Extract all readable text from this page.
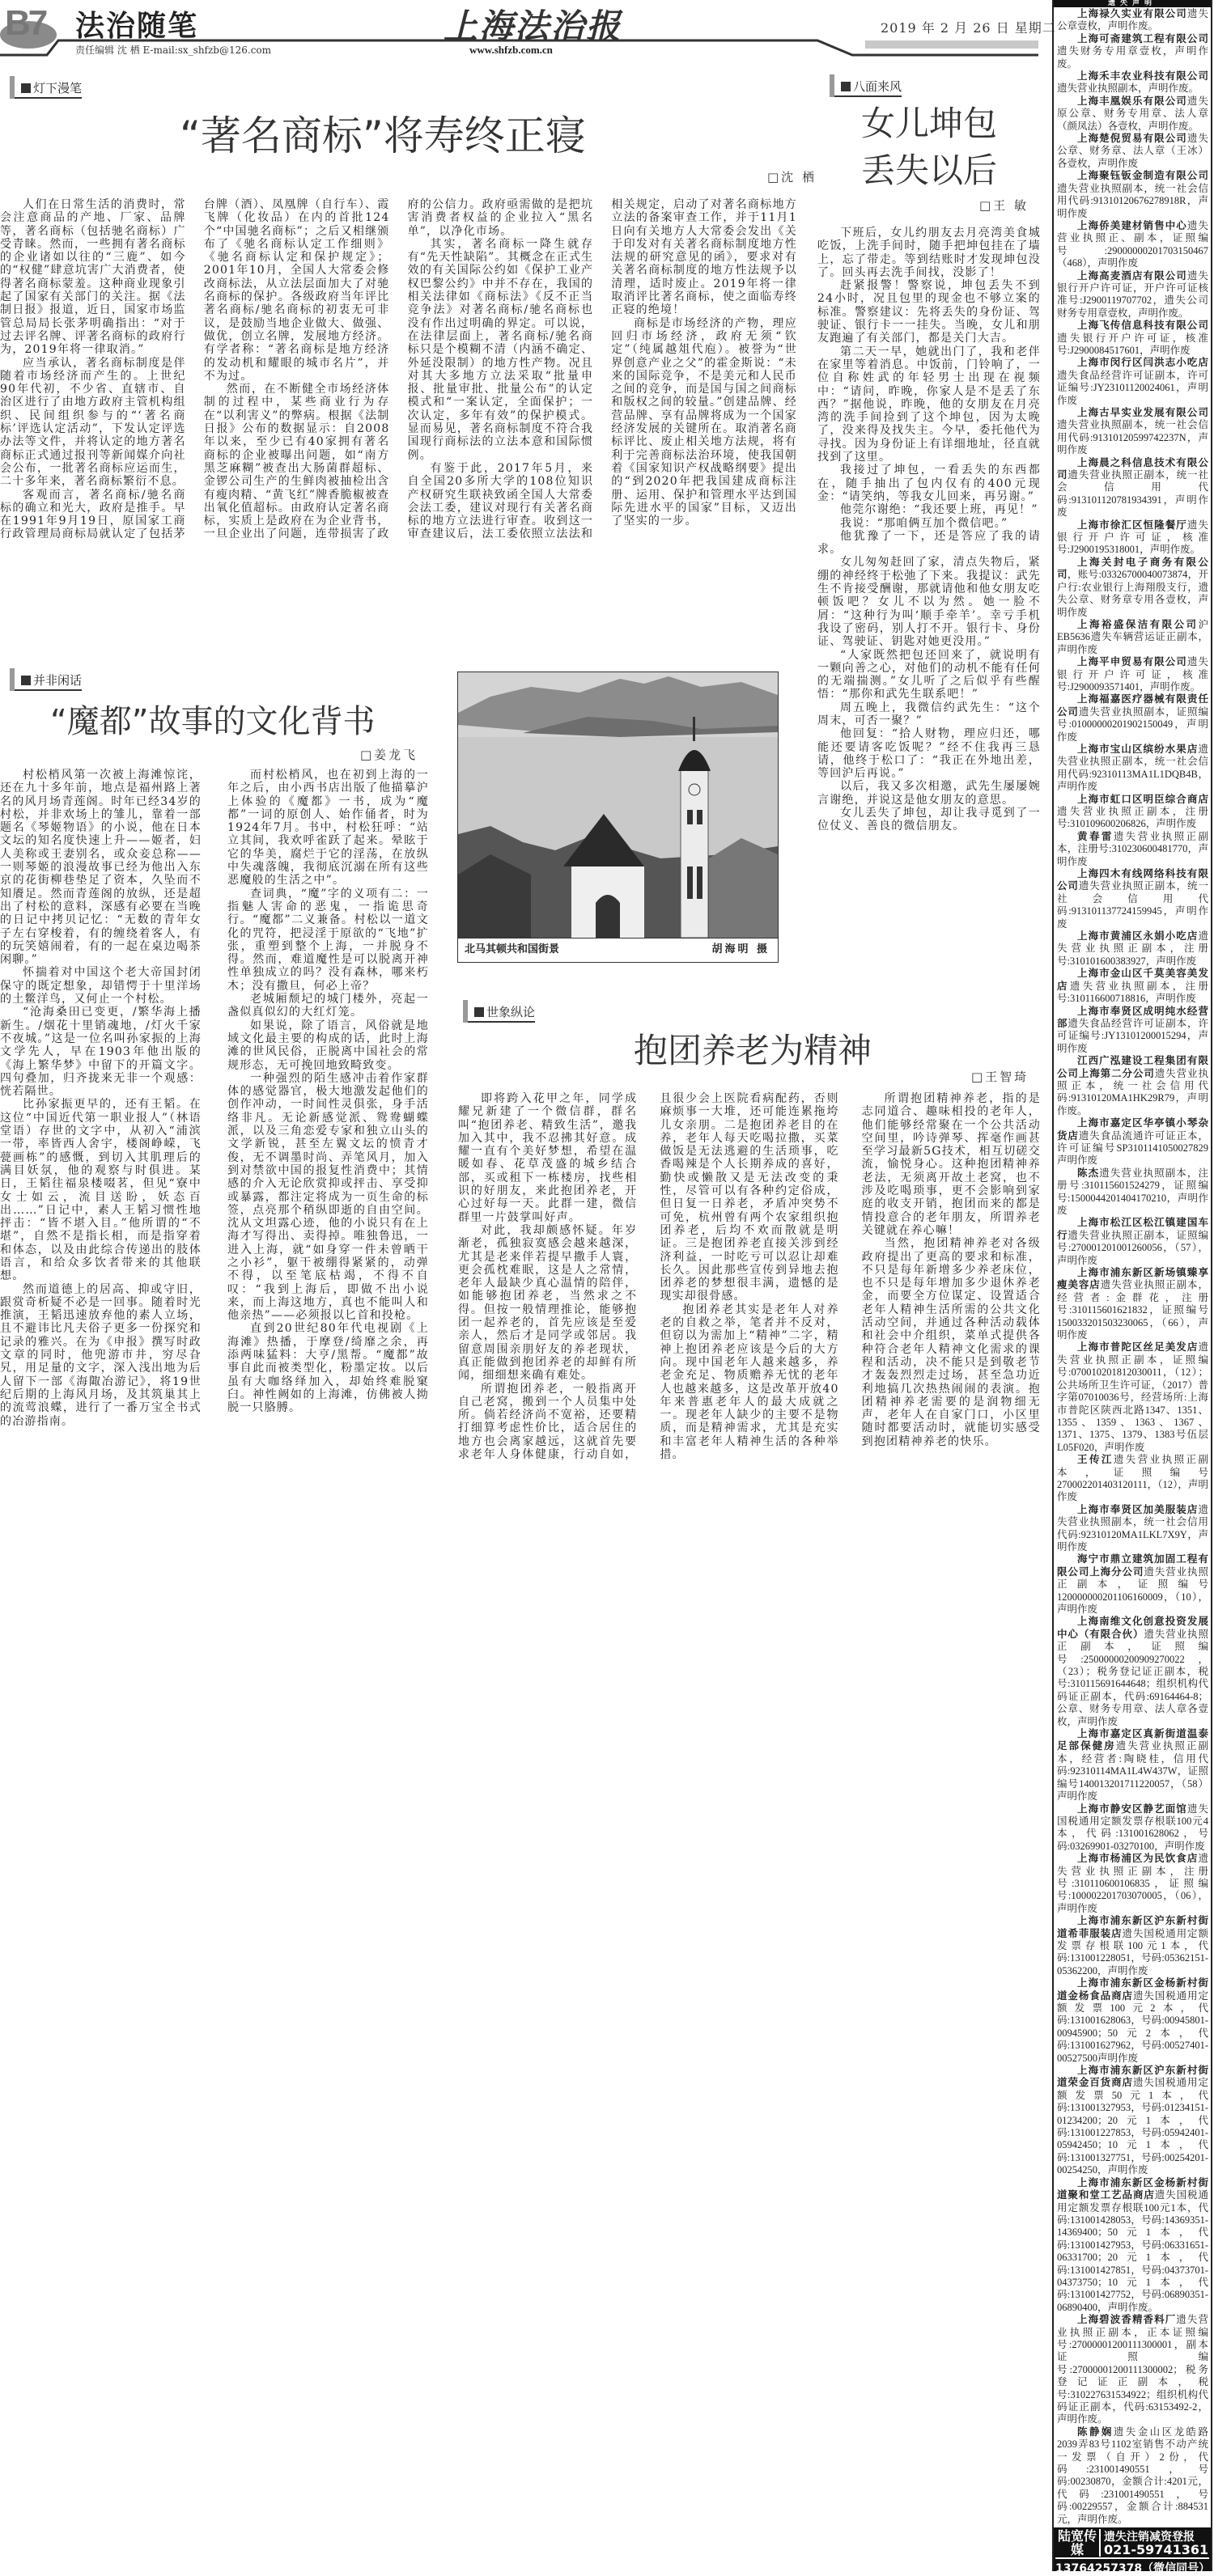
B7 法治随笔
责任编辑 沈 栖 E-mail:sx_shfzb@126.com
上海法治报
www.shfzb.com.cn
2019 年 2 月 26 日 星期二
灯下漫笔
“著名商标”将寿终正寝
□沈 栖

人们在日常生活的消费时，常会注意商品的产地、厂家、品牌等，著名商标（包括驰名商标）广受青睐。然而，一些拥有著名商标的企业诸如以往的“三鹿”、如今的“权健”肆意坑害广大消费者，使得著名商标蒙羞。这种商业现象引起了国家有关部门的关注。据《法制日报》报道，近日，国家市场监管总局局长张茅明确指出：“对于过去评名牌、评著名商标的政府行为，2019年将一律取消。”

应当承认，著名商标制度是伴随着市场经济而产生的。上世纪90年代初，不少省、直辖市、自治区进行了由地方政府主管机构组织、民间组织参与的“‘著名商标’评选认定活动”，下发认定评选办法等文件，并将认定的地方著名商标正式通过报刊等新闻媒介向社会公布，一批著名商标应运而生，二十多年来，著名商标繁衍不息。

客观而言，著名商标/驰名商标的确立和光大，政府是推手。早在1991年9月19日，原国家工商行政管理局商标局就认定了包括茅台牌（酒）、凤凰牌（自行车）、霞飞牌（化妆品）在内的首批124个“中国驰名商标”；之后又相继颁布了《驰名商标认定工作细则》《驰名商标认定和保护规定》；2001年10月，全国人大常委会修改商标法，从立法层面加大了对驰名商标的保护。各级政府当年评比著名商标/驰名商标的初衷无可非议，是鼓励当地企业做大、做强、做优，创立名牌，发展地方经济。有学者称：“著名商标是地方经济的发动机和耀眼的城市名片”，并不为过。

然而，在不断健全市场经济体制的过程中，某些商业行为存在“以利害义”的弊病。根据《法制日报》公布的数据显示：自2008年以来，至少已有40家拥有著名商标的企业被曝出问题，如“南方黑芝麻糊”被查出大肠菌群超标、金锣公司生产的生鲜肉被抽检出含有瘦肉精、“黄飞红”牌香脆椒被查出氧化值超标。由政府认定著名商标，实质上是政府在为企业背书，一旦企业出了问题，连带损害了政府的公信力。政府亟需做的是把坑害消费者权益的企业拉入“黑名单”，以净化市场。

其实，著名商标一降生就存有“先天性缺陷”。其概念在正式生效的有关国际公约如《保护工业产权巴黎公约》中并不存在，我国的相关法律如《商标法》《反不正当竞争法》对著名商标/驰名商标也没有作出过明确的界定。可以说，在法律层面上，著名商标/驰名商标只是个模糊不清（内涵不确定、外延没限制）的地方性产物。况且对其大多地方立法采取“批量申报、批量审批、批量公布”的认定模式和“一案认定，全面保护；一次认定，多年有效”的保护模式。显而易见，著名商标制度不符合我国现行商标法的立法本意和国际惯例。

有鉴于此，2017年5月，来自全国20多所大学的108位知识产权研究生联袂致函全国人大常委会法工委，建议对现行有关著名商标的地方立法进行审查。收到这一审查建议后，法工委依照立法法和相关规定，启动了对著名商标地方立法的备案审查工作，并于11月1日向有关地方人大常委会发出《关于印发对有关著名商标制度地方性法规的研究意见的函》，要求对有关著名商标制度的地方性法规予以清理，适时废止。2019年将一律取消评比著名商标，使之面临寿终正寝的绝境！

商标是市场经济的产物，理应回归市场经济，政府无须“钦定”（纯属越俎代庖）。被誉为“世界创意产业之父”的霍金斯说：“未来的国际竞争，不是美元和人民币之间的竞争，而是国与国之间商标和版权之间的较量。”创建品牌、经营品牌、享有品牌将成为一个国家经济发展的关键所在。取消著名商标评比、废止相关地方法规，将有利于完善商标法治环境，使我国朝着《国家知识产权战略纲要》提出的“到2020年把我国建成商标注册、运用、保护和管理水平达到国际先进水平的国家”目标，又迈出了坚实的一步。

八面来风
女儿坤包
丢失以后
□王 敏

下班后，女儿约朋友去月亮湾美食城吃饭，上洗手间时，随手把坤包挂在了墙上，忘了带走。等到结账时才发现坤包没了。回头再去洗手间找，没影了！

赶紧报警！警察说，坤包丢失不到24小时，况且包里的现金也不够立案的标准。警察建议：先将丢失的身份证、驾驶证、银行卡一一挂失。当晚，女儿和朋友跑遍了有关部门，都是关门大吉。

第二天一早，她就出门了，我和老伴在家里等着消息。中饭前，门铃响了，一位自称姓武的年轻男士出现在视频中：“请问，昨晚，你家人是不是丢了东西？”据他说，昨晚，他的女朋友在月亮湾的洗手间捡到了这个坤包，因为太晚了，没来得及找失主。今早，委托他代为寻找。因为身份证上有详细地址，径直就找到了这里。

我接过了坤包，一看丢失的东西都在，随手抽出了包内仅有的400元现金：“请笑纳，等我女儿回来，再另谢。”

他莞尔谢绝：“我还要上班，再见！”

我说：“那咱俩互加个微信吧。”

他犹豫了一下，还是答应了我的请求。

女儿匆匆赶回了家，清点失物后，紧绷的神经终于松弛了下来。我提议：武先生不肯接受酬谢，那就请他和他女朋友吃顿饭吧？女儿不以为然。她一脸不屑：“这种行为叫‘顺手牵羊’。幸亏手机我设了密码，别人打不开。银行卡、身份证、驾驶证、钥匙对她更没用。”

“人家既然把包还回来了，就说明有一颗向善之心，对他们的动机不能有任何的无端揣测。”女儿听了之后似乎有些醒悟：“那你和武先生联系吧！”

周五晚上，我微信约武先生：“这个周末，可否一聚？”

他回复：“拾人财物，理应归还，哪能还要请客吃饭呢？”经不住我再三恳请，他终于松口了：“我正在外地出差，等回沪后再说。”

以后，我又多次相邀，武先生屡屡婉言谢绝，并说这是他女朋友的意思。

女儿丢失了坤包，却让我寻觅到了一位仗义、善良的微信朋友。

并非闲话
“魔都”故事的文化背书
□姜龙飞

村松梢风第一次被上海滩惊诧，还在九十多年前，地点是福州路上著名的风月场青莲阁。时年已经34岁的村松，并非欢场上的雏儿，靠着一部题名《琴姬物语》的小说，他在日本文坛的知名度快速上升——姬者，妇人美称或王妻别名，或众妾总称——一则琴姬的浪漫故事已经为他出入东京的花街柳巷垫足了资本，久坠而不知餍足。然而青莲阁的放纵，还是超出了村松的意料，深感有必要在当晚的日记中拷贝记忆：“无数的青年女子左右穿梭着，有的缠绕着客人，有的玩笑嬉闹着，有的一起在桌边喝茶闲聊。”

怀揣着对中国这个老大帝国封闭保守的既定想象，却错愕于十里洋场的土鳖洋鸟，又何止一个村松。

“沧海桑田已变更，/繁华海上播新生。/烟花十里销魂地，/灯火千家不夜城。”这是一位名叫孙家振的上海文学先人，早在1903年他出版的《海上繁华梦》中留下的开篇文字。四句叠加，归齐拢来无非一个观感：恍若隔世。

比孙家振更早的，还有王韬。在这位“中国近代第一职业报人”（林语堂语）存世的文字中，从初入“浦滨一带，率皆西人舍宇，楼阁峥嵘，飞甍画栋”的感慨，到切入其肌理后的满目妖氛，他的观察与时俱进。某日，王韬往福泉楼啜茗，但见“寮中女士如云，流目送盼，妖态百出……”日记中，素人王韬习惯性地抨击：“皆不堪入目。”他所谓的“不堪”，自然不是指长相，而是指穿着和体态，以及由此综合传递出的肢体语言，和给众多饮者带来的其他联想。

然而道德上的居高、抑或守旧，跟赏奇析疑不必是一回事。随着时光推演，王韬迅速放弃他的素人立场，且不避讳比凡夫俗子更多一份探究和记录的雅兴。在为《申报》撰写时政文章的同时，他兜游市井，穷尽旮旯，用足量的文字，深入浅出地为后人留下一部《海陬冶游记》，将19世纪后期的上海风月场，及其筑巢其上的流莺浪蝶，进行了一番万宝全书式的冶游指南。

而村松梢风，也在初到上海的一年之后，由小西书店出版了他描摹沪上体验的《魔都》一书，成为“魔都”一词的原创人、始作俑者，时为1924年7月。书中，村松狂呼：“站立其间，我欢呼雀跃了起来。晕眩于它的华美，腐烂于它的淫荡，在放纵中失魂落魄，我彻底沉溺在所有这些恶魔般的生活之中”。

查词典，“魔”字的义项有二：一指魅人害命的恶鬼，一指诡思奇行。“魔都”二义兼备。村松以一道文化的咒符，把浸淫于原欲的“飞地”扩张，重塑到整个上海，一并脱身不得。然而，难道魔性是可以脱离开神性单独成立的吗？没有森林，哪来朽木；没有撒旦，何必上帝？

老城厢颓圮的城门楼外，亮起一盏似真似幻的大红灯笼。

如果说，除了语言，风俗就是地域文化最主要的构成的话，此时上海滩的世风民俗，正脱离中国社会的常规形态，无可挽回地致畸致变。

一种强烈的陌生感冲击着作家群体的感觉器官，极大地激发起他们的创作冲动，一时间性灵俱张，身手活络非凡。无论新感觉派、鸳鸯蝴蝶派，以及三角恋爱专家和独立山头的文学新锐，甚至左翼文坛的愤青才俊，无不调墨时尚、弄笔风月，加入到对禁欲中国的报复性消费中；其情感的介入无论欣赏抑或抨击、享受抑或暴露，都注定将成为一页生命的标签，点亮那个稍纵即逝的自由空间。沈从文坦露心迹，他的小说只有在上海才写得出、卖得掉。唯独鲁迅，一进入上海，就“如身穿一件未曾晒干之小衫”，躯干被绷得紧紧的，动弹不得，以至笔底枯竭，不得不自叹：“我到上海后，即做不出小说来，而上海这地方，真也不能叫人和他亲热”——必须报以匕首和投枪。

直到20世纪80年代电视剧《上海滩》热播，于摩登/绮靡之余，再添两味猛料：大亨/黑帮。“魔都”故事自此而被类型化，粉墨定妆。以后虽有大咖络绎加入，却始终难脱窠臼。神性阙如的上海滩，仿佛被人拗脱一只胳膊。

北马其顿共和国街景	胡海明 摄
世象纵论
抱团养老为精神
□王智琦

即将跨入花甲之年，同学成耀兄新建了一个微信群，群名叫“抱团养老、精致生活”，邀我加入其中，我不忍拂其好意。成耀一直有个美好梦想，希望在温暖如春、花草茂盛的城乡结合部，买或租下一栋楼房，找些相识的好朋友，来此抱团养老，开心过好每一天。此群一建，微信群里一片鼓掌叫好声。

对此，我却颇感怀疑。年岁渐老，孤独寂寞感会越来越深，尤其是老来伴若提早撒手人寰，更会孤枕难眠，这是人之常情，老年人最缺少真心温情的陪伴，如能够抱团养老，当然求之不得。但按一般情理推论，能够抱团一起养老的，首先应该是至爱亲人，然后才是同学或邻居。我留意周围亲朋好友的养老现状，真正能做到抱团养老的却鲜有所闻，细细想来确有难处。

所谓抱团养老，一般指离开自己老窝，搬到一个人员集中处所。倘若经济尚不宽裕，还要精打细算考虑性价比，适合居住的地方也会离家越远，这就首先要求老年人身体健康，行动自如，且很少会上医院看病配药，否则麻烦事一大堆，还可能连累拖垮儿女亲朋。二是抱团养老目的在养，老年人每天吃喝拉撒，买菜做饭是无法逃避的生活琐事，吃香喝辣是个人长期养成的喜好，勤快或懒散又是无法改变的秉性，尽管可以有各种约定俗成，但日复一日养老，矛盾冲突势不可免，杭州曾有两个农家组织抱团养老，后均不欢而散就是明证。三是抱团养老直接关涉到经济利益，一时吃亏可以忍让却难长久。因此那些宣传到异地去抱团养老的梦想很丰满，遗憾的是现实却很骨感。

抱团养老其实是老年人对养老的自救之举，笔者并不反对，但窃以为需加上“精神”二字，精神上抱团养老应该是今后的大方向。现中国老年人越来越多，养老金充足、物质赡养无忧的老年人也越来越多，这是改革开放40年来普惠老年人的最大成就之一。现老年人缺少的主要不是物质，而是精神需求，尤其是充实和丰富老年人精神生活的各种举措。

所谓抱团精神养老，指的是志同道合、趣味相投的老年人，他们能够经常聚在一个公共活动空间里，吟诗弹琴、挥毫作画甚至学习最新5G技术，相互切磋交流，愉悦身心。这种抱团精神养老法，无须离开故土老窝，也不涉及吃喝琐事，更不会影响到家庭的收支开销，抱团而来的都是情投意合的老年朋友，所谓养老关键就在养心嘛！

当然，抱团精神养老对各级政府提出了更高的要求和标准，不只是每年新增多少养老床位，也不只是每年增加多少退休养老金，而要全方位谋定、设置适合老年人精神生活所需的公共文化活动空间，并通过各种活动载体和社会中介组织，菜单式提供各种符合老年人精神文化需求的课程和活动，决不能只是到敬老节才轰轰烈烈走过场，甚至急功近利地搞几次热热闹闹的表演。抱团精神养老需要的是润物细无声，老年人在自家门口，小区里随时都要活动时，就能切实感受到抱团精神养老的快乐。

遗失声明
上海禄久实业有限公司遗失公章壹枚，声明作废。
上海可斋建筑工程有限公司遗失财务专用章壹枚，声明作废。
上海禾丰农业科技有限公司遗失营业执照副本，声明作废。
上海丰凰娱乐有限公司遗失原公章、财务专用章、法人章（颜凤法）各壹枚，声明作废。
上海楚倪贸易有限公司遗失公章、财务章、法人章（王冰）各壹枚，声明作废
上海聚钰钣金制造有限公司遗失营业执照副本，统一社会信用代码:91310120676278918R，声明作废
上海侨美建材销售中心遗失营业执照正、副本，证照编号:29000000201703150467（468），声明作废
上海高麦酒店有限公司遗失银行开户许可证，开户许可证核准号:J2900119707702，遗失公司财务专用章壹枚，声明作废。
上海飞传信息科技有限公司遗失银行开户许可证，核准号:J2900084517601，声明作废
上海市闵行区闫洪志小吃店遗失食品经营许可证副本，许可证编号:JY23101120024061，声明作废
上海古早实业发展有限公司遗失营业执照副本，统一社会信用代码:91310120599742237N，声明作废
上海晨之科信息技术有限公司遗失营业执照正副本，统一社会信用代码:913101120781934391，声明作废
上海市徐汇区恒隆餐厅遗失银行开户许可证，核准号:J2900195318001，声明作废。
上海关封电子商务有限公司，账号:03326700040073874，开户行:农业银行上海翔殷支行，遗失公章、财务章专用各壹枚，声明作废
上海裕盛保洁有限公司沪EB5636遗失车辆营运证正副本，声明作废
上海平申贸易有限公司遗失银行开户许可证，核准号:J2900093571401，声明作废。
上海福嘉医疗器械有限责任公司遗失营业执照副本，证照编号:01000000201902150049，声明作废
上海市宝山区缤纷水果店遗失营业执照正副本，统一社会信用代码:92310113MA1L1DQB4B，声明作废
上海市虹口区明臣综合商店遗失营业执照正副本，注册号:310109600206826，声明作废
黄春雷遗失营业执照正副本，注册号:310230600481770，声明作废
上海四木有线网络科技有限公司遗失营业执照正副本，统一社会信用代码:913101137724159945，声明作废
上海市黄浦区永娟小吃店遗失营业执照正副本，注册号:310101600383927，声明作废
上海市金山区千莫美容美发店遗失营业执照副本，注册号:310116600718816，声明作废
上海市奉贤区成明纯水经营部遗失食品经营许可证副本，许可证编号:JY13101200015294，声明作废
江西广泓建设工程集团有限公司上海第二分公司遗失营业执照正本，统一社会信用代码:91310120MA1HK29R79，声明作废。
上海市嘉定区华亭镇小琴杂货店遗失食品流通许可证正本，许可证编号SP3101141050027829声明作废
陈杰遗失营业执照副本，注册号:310115601524279，证照编号:1500044201404170210，声明作废
上海市松江区松江镇建国车行遗失营业执照正副本，证照编号:270001201001260056，（57），声明作废
上海市浦东新区新场镇臻享瘦美容店遗失营业执照正副本，经营者:金群花，注册号:310115601621832，证照编号150033201503230065，（66），声明作废
上海市普陀区丝足美发店遗失营业执照正副本，证照编号:070010201812030011，（12）；公共场所卫生许可证，（2017）普字第07010036号，经营场所:上海市普陀区陕西北路1347、1351、1355、1359、1363、1367、1371、1375、1379、1383号伍层L05F020，声明作废
王传江遗失营业执照正副本，证照编号270002201403120111，（12），声明作废
上海市奉贤区加美服装店遗失营业执照副本，统一社会信用代码:92310120MA1LKL7X9Y，声明作废
海宁市鼎立建筑加固工程有限公司上海分公司遗失营业执照正副本，证照编号120000000201106160009，（10），声明作废
上海南维文化创意投资发展中心（有限合伙）遗失营业执照正副本，证照编号:25000000200909270022，（23）；税务登记证正副本，税号:310115691644648；组织机构代码证正副本，代码:69164464-8；公章、财务专用章、法人章各壹枚，声明作废
上海市嘉定区真新街道温泰足部保健房遗失营业执照正副本，经营者:陶晓桂，信用代码:92310114MA1L4W437W，证照编号140013201711220057，（58）声明作废
上海市静安区静艺面馆遗失国税通用定额发票存根联100元4本，代码:131001628062，号码:03269901-03270100，声明作废
上海市杨浦区为民饮食店遗失营业执照正副本，注册号:310110600106835，证照编号:100002201703070005，（06），声明作废
上海市浦东新区沪东新村街道希菲服装店遗失国税通用定额发票存根联100元1本，代码:131001228051，号码:05362151-05362200，声明作废
上海市浦东新区金杨新村街道金杨食品商店遗失国税通用定额发票100元2本，代码:131001628063，号码:00945801-00945900；50元2本，代码:131001627962，号码:00527401-00527500声明作废
上海市浦东新区沪东新村街道荣金百货商店遗失国税通用定额发票50元1本，代码:131001327953，号码:01234151-01234200；20元1本，代码:131001227853，号码:05942401-05942450；10元1本，代码:131001327751，号码:00254201-00254250，声明作废
上海市浦东新区金杨新村街道聚和堂工艺品商店遗失国税通用定额发票存根联100元1本，代码:131001428053，号码:14369351-14369400；50元1本，代码:131001427953，号码:06331651-06331700；20元1本，代码:131001427851，号码:04373701-04373750；10元1本，代码:131001427752，号码:06890351-06890400，声明作废。
上海碧波香精香料厂遗失营业执照正副本，正本证照编号:27000001200111300001，副本证照编号:27000001200111300002；税务登记证正副本，税号:310227631534922；组织机构代码证正副本，代码:63153492-2，声明作废。
陈静娴遗失金山区龙皓路2039弄83号1102室销售不动产统一发票（自开）2份，代码:231001490551，号码:00230870，金额合计:4201元，代码:231001490551，号码:00229557，金额合计:884531元，声明作废。
陆宽传媒
遗失注销减资登报
021-59741361
13764257378（微信同号）
